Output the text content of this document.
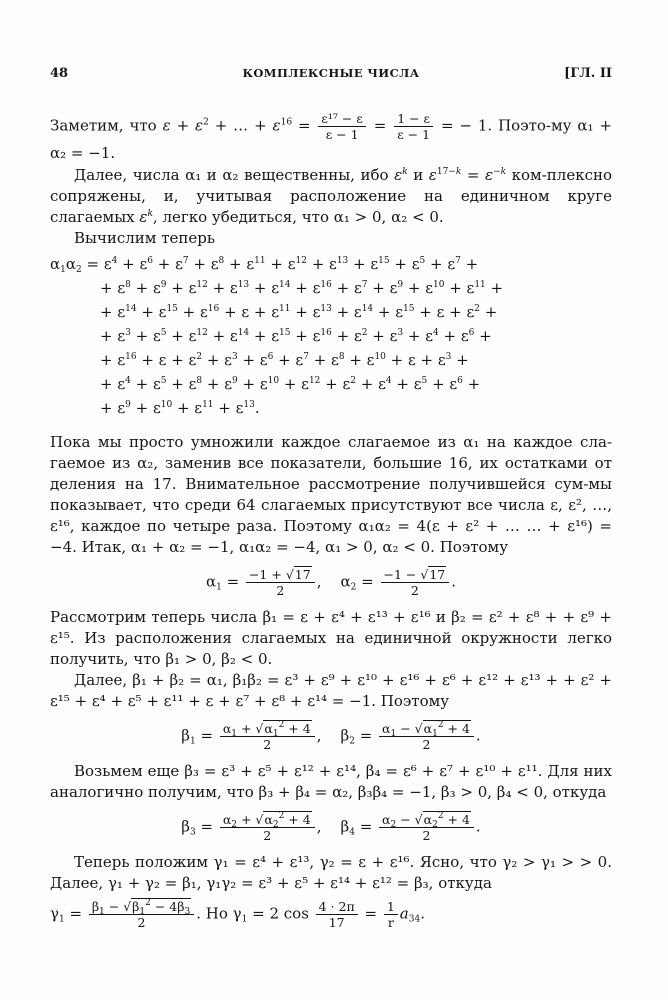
48	КОМПЛЕКСНЫЕ ЧИСЛА	[ГЛ. II

Заметим, что $\varepsilon + \varepsilon^2$ + … + $\varepsilon^{16} = \frac{\text{ε¹⁷ − ε}}{\varepsilon - 1} = \frac{1 - \varepsilon}{\varepsilon - 1}$ = − 1. Поэто-му α₁ + α₂ = −1.

Далее, числа α₁ и α₂ вещественны, ибо $\varepsilon^k$ и $\varepsilon^{17-k} = \varepsilon^{-k}$ ком-плексно сопряжены, и, учитывая расположение на единичном круге слагаемых $\varepsilon^k$, легко убедиться, что α₁ > 0, α₂ < 0.

Вычислим теперь

$\alpha_1\alpha_2 = \varepsilon^4 + \varepsilon^6 + \varepsilon^7 + \varepsilon^8 + \varepsilon^{11} + \varepsilon^{12} + \varepsilon^{13} + \varepsilon^{15} + \varepsilon^5 + \varepsilon^7$ +
+ $\varepsilon^8 + \varepsilon^9 + \varepsilon^{12} + \varepsilon^{13} + \varepsilon^{14} + \varepsilon^{16} + \varepsilon^7 + \varepsilon^9 + \varepsilon^{10} + \varepsilon^{11}$ +
+ $\varepsilon^{14} + \varepsilon^{15} + \varepsilon^{16} + \varepsilon + \varepsilon^{11} + \varepsilon^{13} + \varepsilon^{14} + \varepsilon^{15} + \varepsilon + \varepsilon^2$ +
+ $\varepsilon^3 + \varepsilon^5 + \varepsilon^{12} + \varepsilon^{14} + \varepsilon^{15} + \varepsilon^{16} + \varepsilon^2 + \varepsilon^3 + \varepsilon^4 + \varepsilon^6$ +
+ $\varepsilon^{16} + \varepsilon + \varepsilon^2 + \varepsilon^3 + \varepsilon^6 + \varepsilon^7 + \varepsilon^8 + \varepsilon^{10} + \varepsilon + \varepsilon^3$ +
+ $\varepsilon^4 + \varepsilon^5 + \varepsilon^8 + \varepsilon^9 + \varepsilon^{10} + \varepsilon^{12} + \varepsilon^2 + \varepsilon^4 + \varepsilon^5 + \varepsilon^6$ +
+ $\varepsilon^9 + \varepsilon^{10} + \varepsilon^{11} + \varepsilon^{13}$.

Пока мы просто умножили каждое слагаемое из α₁ на каждое сла-гаемое из α₂, заменив все показатели, большие 16, их остатками от деления на 17. Внимательное рассмотрение получившейся сум-мы показывает, что среди 64 слагаемых присутствуют все числа ε, ε², …, ε¹⁶, каждое по четыре раза. Поэтому α₁α₂ = 4(ε + ε² + … … + ε¹⁶) = −4. Итак, α₁ + α₂ = −1, α₁α₂ = −4, α₁ > 0, α₂ < 0. Поэтому

$\alpha_1 = \frac{-1 + √17}{2}$ ,    $\alpha_2 = \frac{-1 - √17}{2}$ .

Рассмотрим теперь числа β₁ = ε + ε⁴ + ε¹³ + ε¹⁶ и β₂ = ε² + ε⁸ + + ε⁹ + ε¹⁵. Из расположения слагаемых на единичной окружности легко получить, что β₁ > 0, β₂ < 0.

Далее, β₁ + β₂ = α₁, β₁β₂ = ε³ + ε⁹ + ε¹⁰ + ε¹⁶ + ε⁶ + ε¹² + ε¹³ + + ε² + ε¹⁵ + ε⁴ + ε⁵ + ε¹¹ + ε + ε⁷ + ε⁸ + ε¹⁴ = −1. Поэтому

$\beta_1 = \frac{\alpha_1 + √\alpha_1^2 + 4}{2}$ ,    $\beta_2 = \frac{\alpha_1 - √\alpha_1^2 + 4}{2}$ .

Возьмем еще β₃ = ε³ + ε⁵ + ε¹² + ε¹⁴, β₄ = ε⁶ + ε⁷ + ε¹⁰ + ε¹¹. Для них аналогично получим, что β₃ + β₄ = α₂, β₃β₄ = −1, β₃ > 0, β₄ < 0, откуда

$\beta_3 = \frac{\alpha_2 + √\alpha_2^2 + 4}{2}$ ,    $\beta_4 = \frac{\alpha_2 - √\alpha_2^2 + 4}{2}$ .

Теперь положим γ₁ = ε⁴ + ε¹³, γ₂ = ε + ε¹⁶. Ясно, что γ₂ > γ₁ > > 0. Далее, γ₁ + γ₂ = β₁, γ₁γ₂ = ε³ + ε⁵ + ε¹⁴ + ε¹² = β₃, откуда

$\gamma_1 = \frac{\beta_1 - √\beta_1^2 - 4\beta_3}{2}$ . Но $\gamma_1 = 2$ $\cos \frac{4 \cdot 2\pi}{17} = \frac{1}{r} a_{34}$.
